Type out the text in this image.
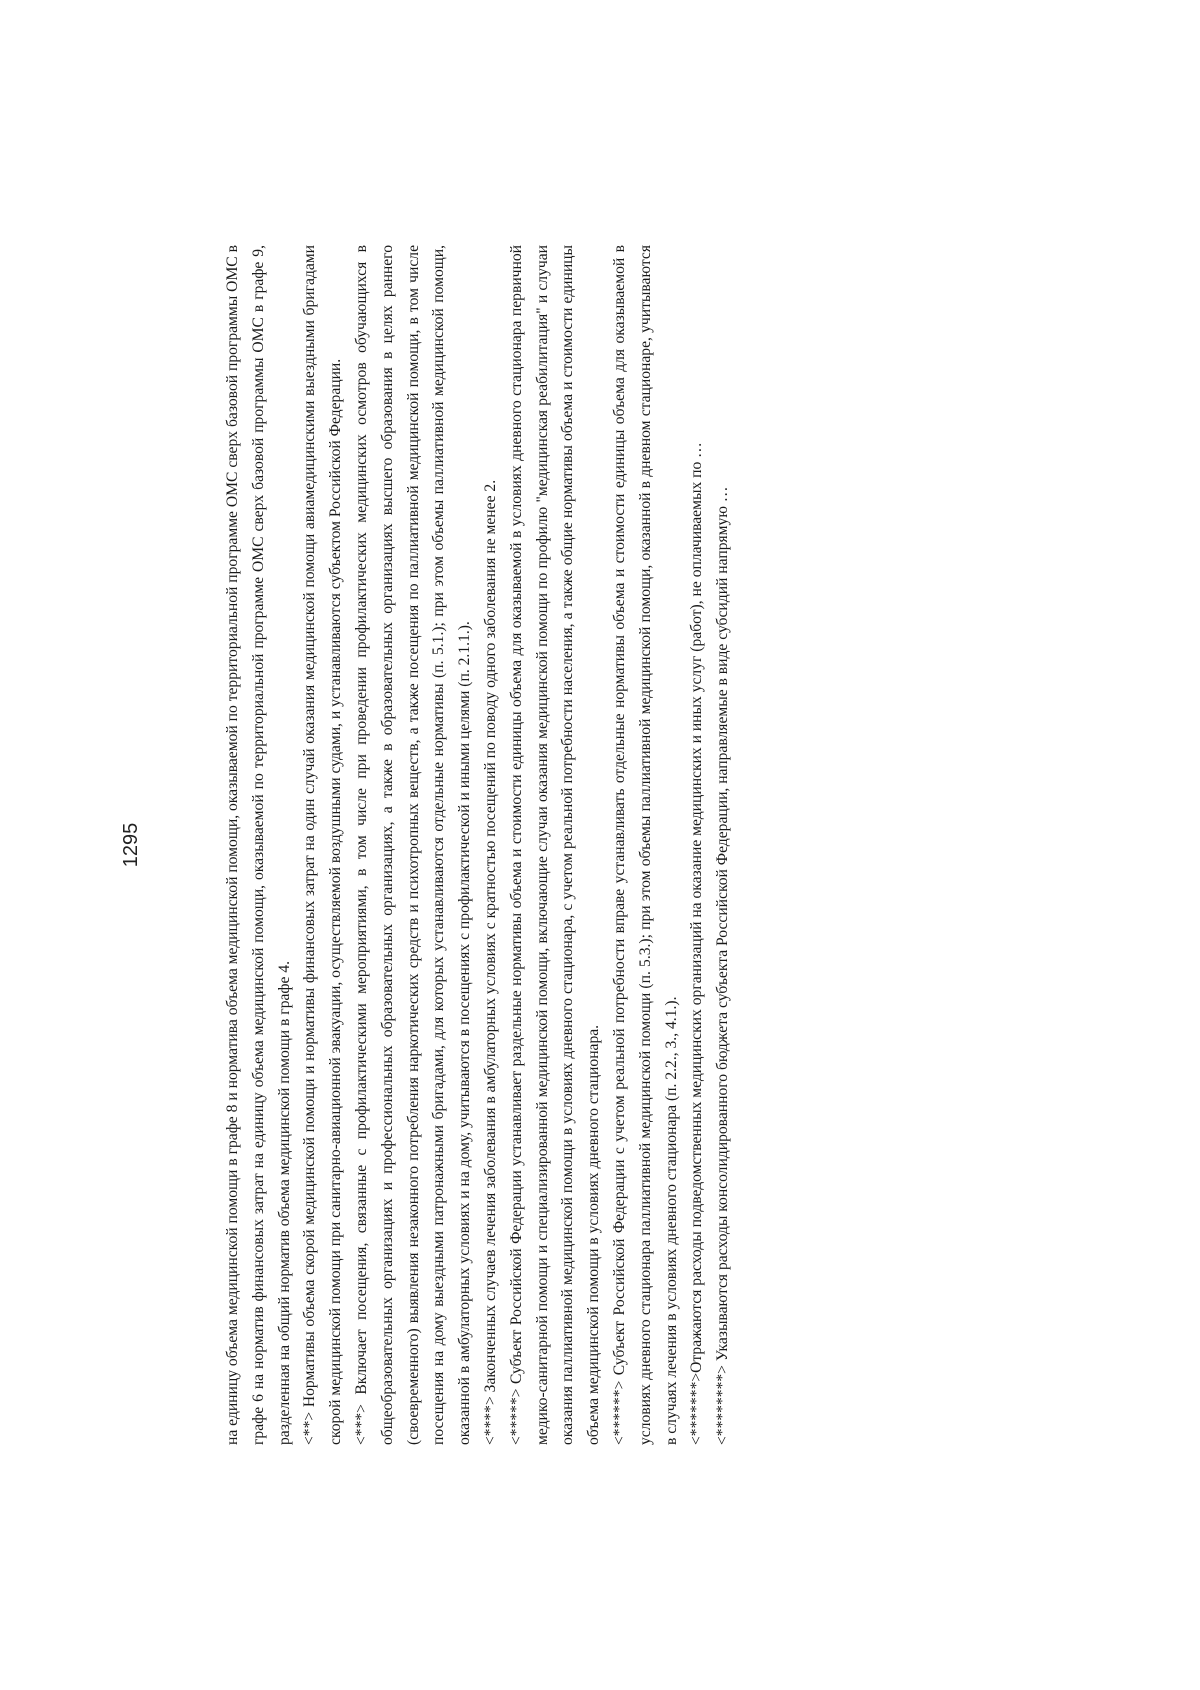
1295	на единицу объема медицинской помощи в графе 8 и норматива объема медицинской помощи, оказываемой по территориальной программе ОМС сверх базовой программы ОМС в графе 6 на норматив финансовых затрат на единицу объема медицинской помощи, оказываемой по территориальной программе ОМС сверх базовой программы ОМС в графе 9, разделенная на общий норматив объема медицинской помощи в графе 4. <**> Нормативы объема скорой медицинской помощи и нормативы финансовых затрат на один случай оказания медицинской помощи авиамедицинскими выездными бригадами скорой медицинской помощи при санитарно-авиационной эвакуации, осуществляемой воздушными судами, и устанавливаются субъектом Российской Федерации. <***> Включает посещения, связанные с профилактическими мероприятиями, в том числе при проведении профилактических медицинских осмотров обучающихся в общеобразовательных организациях и профессиональных образовательных организациях, а также в образовательных организациях высшего образования в целях раннего (своевременного) выявления незаконного потребления наркотических средств и психотропных веществ, а также посещения по паллиативной медицинской помощи, в том числе посещения на дому выездными патронажными бригадами, для которых устанавливаются отдельные нормативы (п. 5.1.); при этом объемы паллиативной медицинской помощи, оказанной в амбулаторных условиях и на дому, учитываются в посещениях с профилактической и иными целями (п. 2.1.1.). <****> Законченных случаев лечения заболевания в амбулаторных условиях с кратностью посещений по поводу одного заболевания не менее 2. <*****> Субъект Российской Федерации устанавливает раздельные нормативы объема и стоимости единицы объема для оказываемой в условиях дневного стационара первичной медико-санитарной помощи и специализированной медицинской помощи, включающие случаи оказания медицинской помощи по профилю "медицинская реабилитация" и случаи оказания паллиативной медицинской помощи в условиях дневного стационара, с учетом реальной потребности населения, а также общие нормативы объема и стоимости единицы объема медицинской помощи в условиях дневного стационара. <******> Субъект Российской Федерации с учетом реальной потребности вправе устанавливать отдельные нормативы объема и стоимости единицы объема для оказываемой в условиях дневного стационара паллиативной медицинской помощи (п. 5.3.); при этом объемы паллиативной медицинской помощи, оказанной в дневном стационаре, учитываются в случаях лечения в условиях дневного стационара (п. 2.2., 3., 4.1.). <*******>Отражаются расходы подведомственных медицинских организаций на оказание медицинских и иных услуг (работ), не оплачиваемых по … <********> Указываются расходы консолидированного бюджета субъекта Российской Федерации, направляемые в виде субсидий напрямую …
